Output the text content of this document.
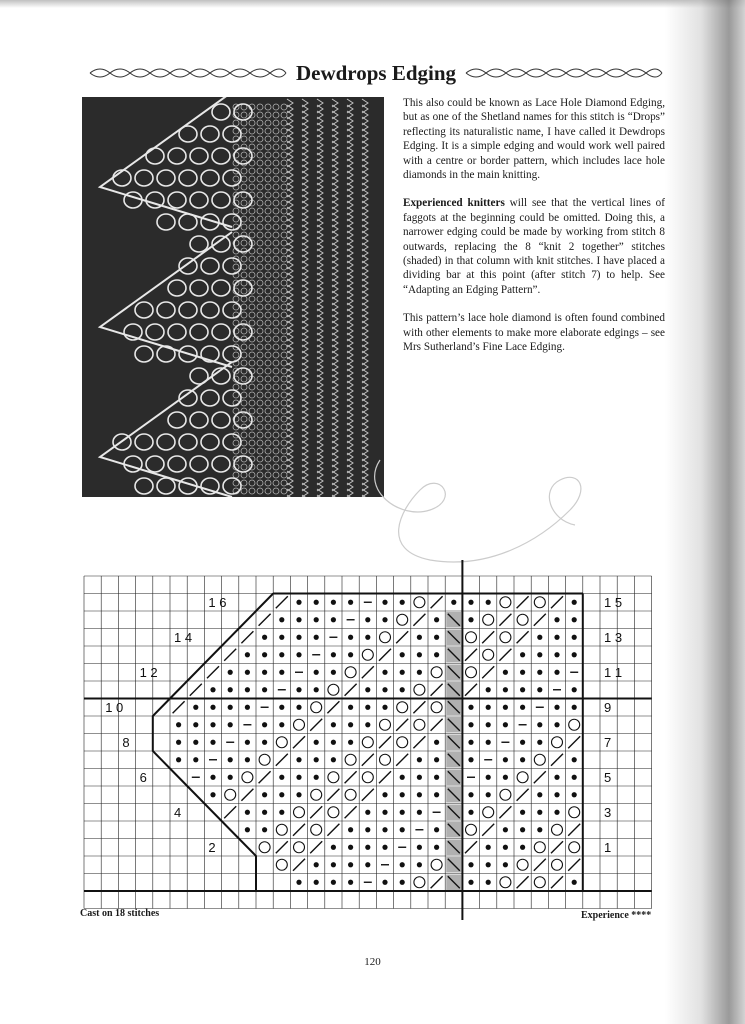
Dewdrops Edging

This also could be known as Lace Hole Diamond Edging, but as one of the Shetland names for this stitch is “Drops” reflecting its naturalistic name, I have called it Dewdrops Edging. It is a simple edging and would work well paired with a centre or border pattern, which includes lace hole diamonds in the main knitting.

Experienced knitters will see that the vertical lines of faggots at the beginning could be omitted. Doing this, a narrower edging could be made by working from stitch 8 outwards, replacing the 8 “knit 2 together” stitches (shaded) in that column with knit stitches. I have placed a dividing bar at this point (after stitch 7) to help. See “Adapting an Edging Pattern”.

This pattern’s lace hole diamond is often found combined with other elements to make more elaborate edgings – see Mrs Sutherland’s Fine Lace Edging.

1 6
1 4
1 2
1 0
8
6
4
2
1 5
1 3
1 1
9
7
5
3
1
Cast on 18 stitches	Experience ****
120
